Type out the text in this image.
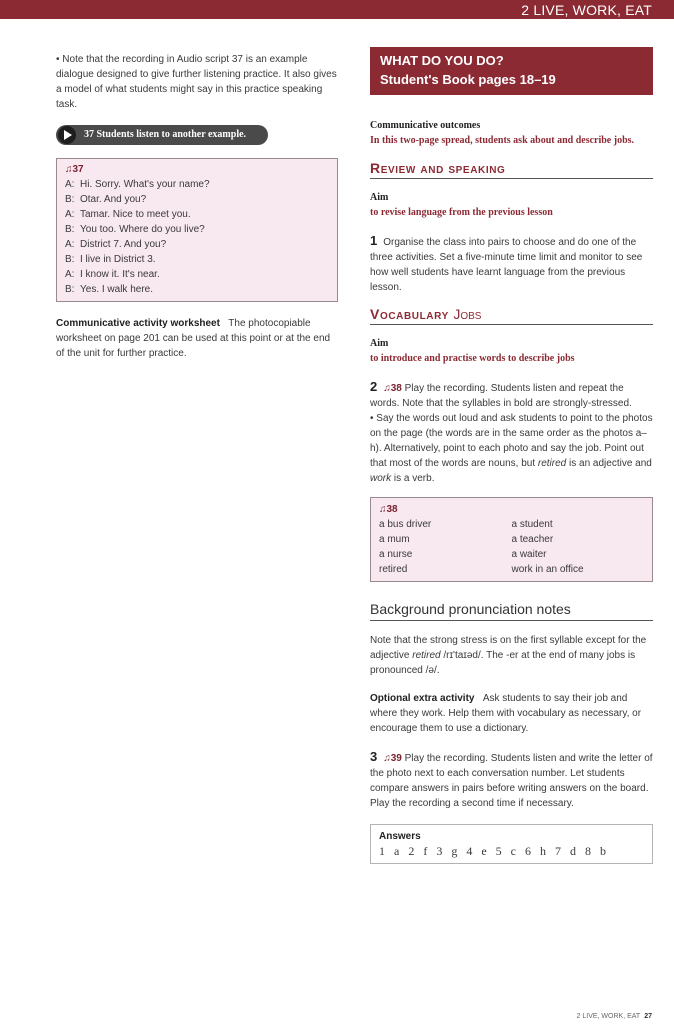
2 LIVE, WORK, EAT

• Note that the recording in Audio script 37 is an example dialogue designed to give further listening practice. It also gives a model of what students might say in this practice speaking task.

37 Students listen to another example.
♫37
A: Hi. Sorry. What's your name?
B: Otar. And you?
A: Tamar. Nice to meet you.
B: You too. Where do you live?
A: District 7. And you?
B: I live in District 3.
A: I know it. It's near.
B: Yes. I walk here.

Communicative activity worksheet The photocopiable worksheet on page 201 can be used at this point or at the end of the unit for further practice.

WHAT DO YOU DO?
Student's Book pages 18–19
Communicative outcomes
In this two-page spread, students ask about and describe jobs.
Review and speaking
Aim
to revise language from the previous lesson

1 Organise the class into pairs to choose and do one of the three activities. Set a five-minute time limit and monitor to see how well students have learnt language from the previous lesson.

Vocabulary Jobs
Aim
to introduce and practise words to describe jobs

2 ♫38 Play the recording. Students listen and repeat the words. Note that the syllables in bold are strongly-stressed.

• Say the words out loud and ask students to point to the photos on the page (the words are in the same order as the photos a–h). Alternatively, point to each photo and say the job. Point out that most of the words are nouns, but retired is an adjective and work is a verb.

♫38
a bus driver
a mum
a nurse
retired
a student
a teacher
a waiter
work in an office
Background pronunciation notes

Note that the strong stress is on the first syllable except for the adjective retired /rɪ'taɪəd/. The -er at the end of many jobs is pronounced /ə/.

Optional extra activity Ask students to say their job and where they work. Help them with vocabulary as necessary, or encourage them to use a dictionary.

3 ♫39 Play the recording. Students listen and write the letter of the photo next to each conversation number. Let students compare answers in pairs before writing answers on the board. Play the recording a second time if necessary.

Answers
1 a 2 f 3 g 4 e 5 c 6 h 7 d 8 b
2 LIVE, WORK, EAT 27
